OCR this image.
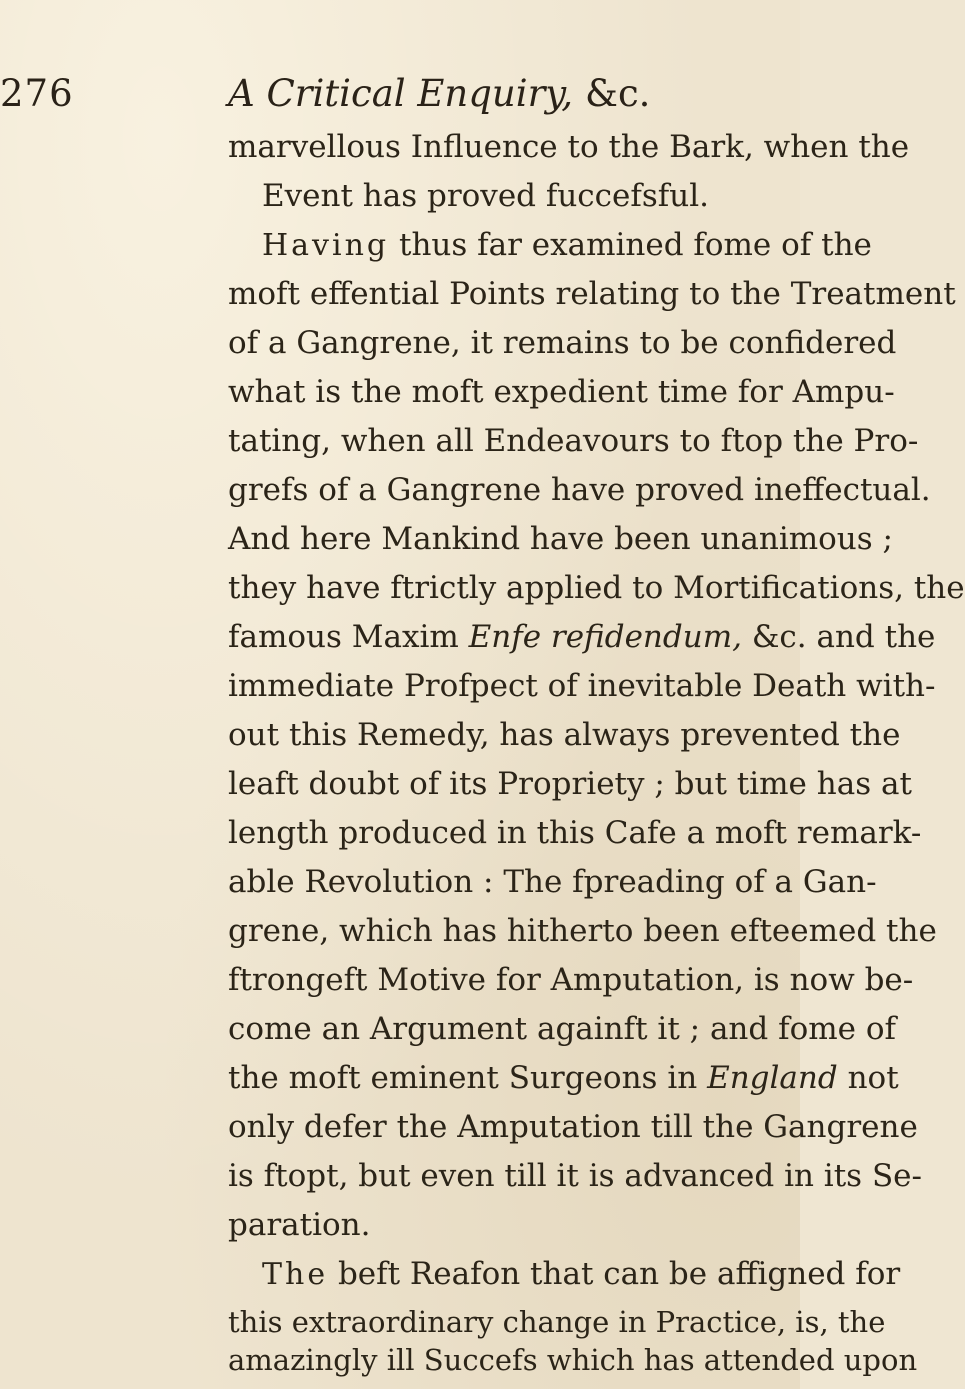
276	A Critical Enquiry, &c.
marvellous Influence to the Bark, when the
Event has proved fuccefsful.
Having thus far examined fome of the
moft effential Points relating to the Treatment
of a Gangrene, it remains to be confidered
what is the moft expedient time for Ampu-
tating, when all Endeavours to ftop the Pro-
grefs of a Gangrene have proved ineffectual.
And here Mankind have been unanimous ;
they have ftrictly applied to Mortifications, the
famous Maxim Enfe refidendum, &c. and the
immediate Profpect of inevitable Death with-
out this Remedy, has always prevented the
leaft doubt of its Propriety ; but time has at
length produced in this Cafe a moft remark-
able Revolution : The fpreading of a Gan-
grene, which has hitherto been efteemed the
ftrongeft Motive for Amputation, is now be-
come an Argument againft it ; and fome of
the moft eminent Surgeons in England not
only defer the Amputation till the Gangrene
is ftopt, but even till it is advanced in its Se-
paration.
The beft Reafon that can be affigned for
this extraordinary change in Practice, is, the
amazingly ill Succefs which has attended upon
